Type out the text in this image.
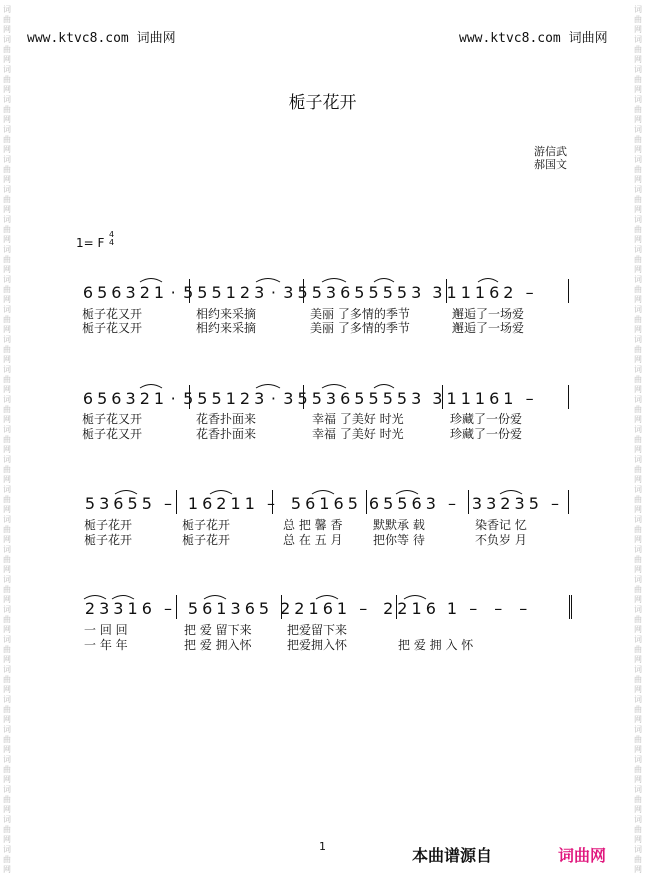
词
曲
网
词
曲
网
词
曲
网
词
曲
网
词
曲
网
词
曲
网
词
曲
网
词
曲
网
词
曲
网
词
曲
网
词
曲
网
词
曲
网
词
曲
网
词
曲
网
词
曲
网
词
曲
网
词
曲
网
词
曲
网
词
曲
网
词
曲
网
词
曲
网
词
曲
网
词
曲
网
词
曲
网
词
曲
网
词
曲
网
词
曲
网
词
曲
网
词
曲
网
词
曲
网
词
曲
网
词
曲
网
词
曲
网
词
曲
网
词
曲
网
词
曲
网
词
曲
网
词
曲
网
词
曲
网
词
曲
网
词
曲
网
词
曲
网
词
曲
网
词
曲
网
词
曲
网
词
曲
网
词
曲
网
词
曲
网
词
曲
网
词
曲
网
词
曲
网
词
曲
网
词
曲
网
词
曲
网
词
曲
网
词
曲
网
词
曲
网
词
曲
网
www.ktvc8.com 词曲网	www.ktvc8.com 词曲网
栀子花开
游信武
郝国文
1= F
4
4
6 5 6 3 2 1 · 5 5 5 1 2 3 · 3 5 5 3 6 5 5 5 5 3 3 1 1 1 6 2 –
栀子花又开	相约来采摘	美丽 了多情的季节	邂逅了一场爱
栀子花又开	相约来采摘	美丽 了多情的季节	邂逅了一场爱
6 5 6 3 2 1 · 5 5 5 1 2 3 · 3 5 5 3 6 5 5 5 5 3 3 1 1 1 6 1 –
栀子花又开	花香扑面来	幸福 了美好 时光	珍藏了一份爱
栀子花又开	花香扑面来	幸福 了美好 时光	珍藏了一份爱
5 3 6 5 5 – 1 6 2 1 1 – 5 6 1 6 5 6 5 5 6 3 – 3 3 2 3 5 –
栀子花开	栀子花开	总 把 馨 香	默默承 载	染香记 忆
栀子花开	栀子花开	总 在 五 月	把你等 待	不负岁 月
2 3 3 1 6 – 5 6 1 3 6 5 2 2 1 6 1 – 2 2 1 6 1 – – –
一 回 回	把 爱 留下来	把爱留下来
一 年 年	把 爱 拥入怀	把爱拥入怀	把 爱 拥 入 怀
1	本曲谱源自	词曲网
